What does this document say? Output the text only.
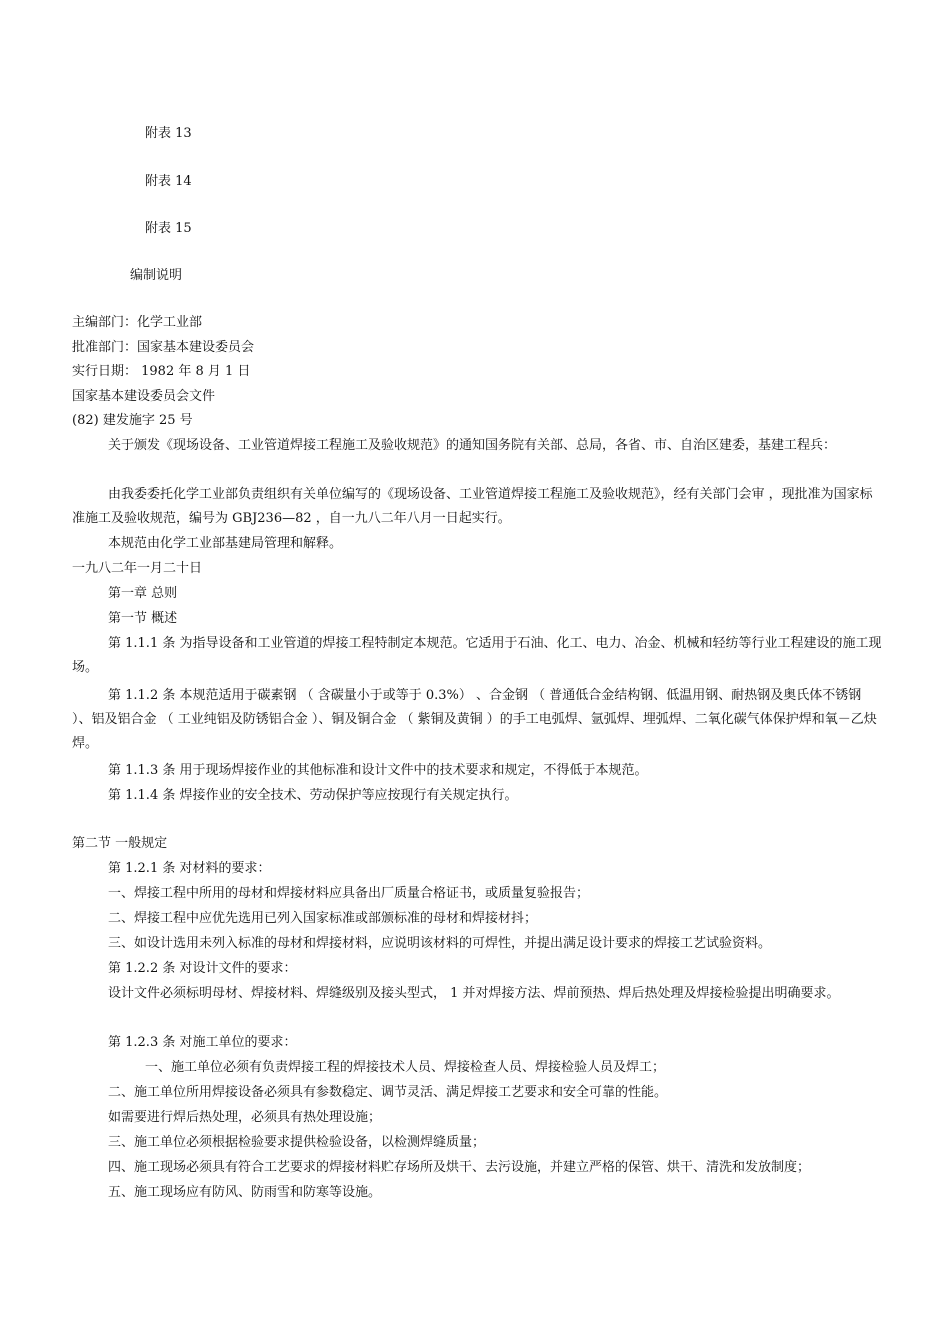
附表 13
附表 14
附表 15
编制说明
主编部门：化学工业部
批准部门：国家基本建设委员会
实行日期： 1982 年 8 月 1 日
国家基本建设委员会文件
(82) 建发施字 25 号
关于颁发《现场设备、工业管道焊接工程施工及验收规范》的通知国务院有关部、总局，各省、市、自治区建委，基建工程兵：
由我委委托化学工业部负责组织有关单位编写的《现场设备、工业管道焊接工程施工及验收规范》，经有关部门会审 ，现批准为国家标准施工及验收规范，编号为 GBJ236—82 ，自一九八二年八月一日起实行。
本规范由化学工业部基建局管理和解释。
一九八二年一月二十日
第一章 总则
第一节 概述
第 1.1.1 条 为指导设备和工业管道的焊接工程特制定本规范。它适用于石油、化工、电力、冶金、机械和轻纺等行业工程建设的施工现场。
第 1.1.2 条 本规范适用于碳素钢 （ 含碳量小于或等于 0.3%） 、合金钢 （ 普通低合金结构钢、低温用钢、耐热钢及奥氏体不锈钢 ）、铝及铝合金 （ 工业纯铝及防锈铝合金 ）、铜及铜合金 （ 紫铜及黄铜 ）的手工电弧焊、氩弧焊、埋弧焊、二氧化碳气体保护焊和氧－乙炔焊。
第 1.1.3 条 用于现场焊接作业的其他标准和设计文件中的技术要求和规定，不得低于本规范。
第 1.1.4 条 焊接作业的安全技术、劳动保护等应按现行有关规定执行。
第二节 一般规定
第 1.2.1 条 对材料的要求：
一、焊接工程中所用的母材和焊接材料应具备出厂质量合格证书，或质量复验报告；
二、焊接工程中应优先选用已列入国家标准或部颁标准的母材和焊接材抖；
三、如设计选用未列入标准的母材和焊接材料，应说明该材料的可焊性，并提出满足设计要求的焊接工艺试验资料。
第 1.2.2 条 对设计文件的要求：
设计文件必须标明母材、焊接材料、焊缝级别及接头型式， 1 并对焊接方法、焊前预热、焊后热处理及焊接检验提出明确要求。
第 1.2.3 条 对施工单位的要求：
一、施工单位必须有负责焊接工程的焊接技术人员、焊接检查人员、焊接检验人员及焊工；
二、施工单位所用焊接设备必须具有参数稳定、调节灵活、满足焊接工艺要求和安全可靠的性能。
如需要进行焊后热处理，必须具有热处理设施；
三、施工单位必须根据检验要求提供检验设备，以检测焊缝质量；
四、施工现场必须具有符合工艺要求的焊接材料贮存场所及烘干、去污设施，并建立严格的保管、烘干、清洗和发放制度；
五、施工现场应有防风、防雨雪和防寒等设施。
